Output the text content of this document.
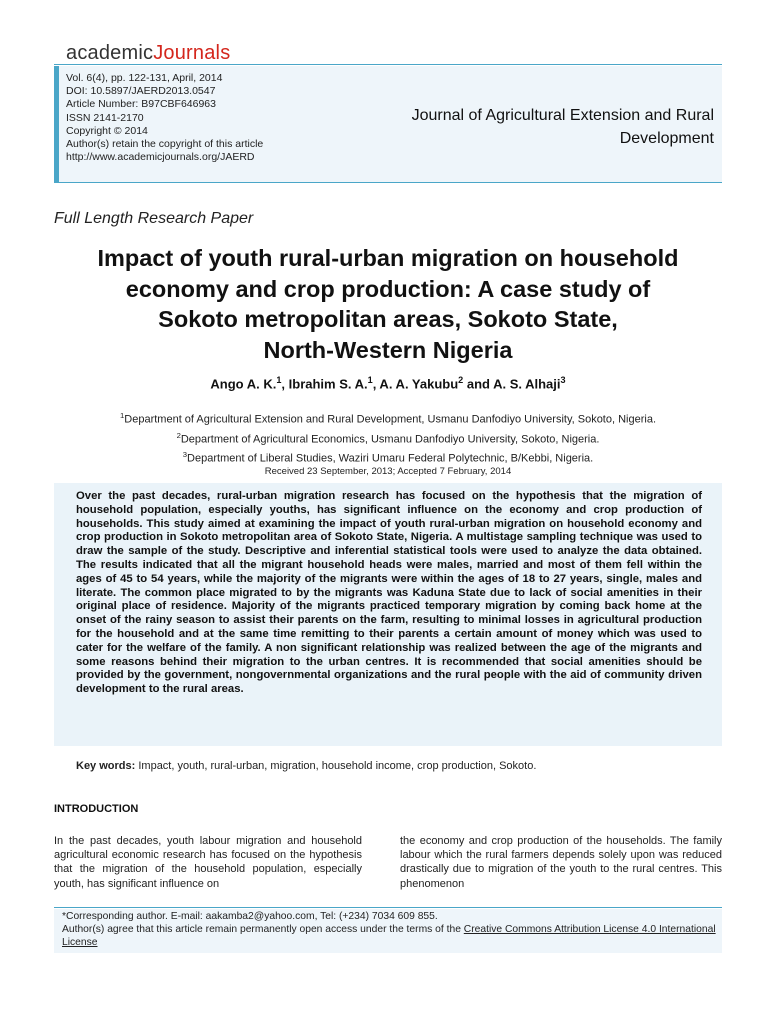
academicJournals
Vol. 6(4), pp. 122-131, April, 2014
DOI: 10.5897/JAERD2013.0547
Article Number: B97CBF646963
ISSN 2141-2170
Copyright © 2014
Author(s) retain the copyright of this article
http://www.academicjournals.org/JAERD
Journal of Agricultural Extension and Rural
Development
Full Length Research Paper
Impact of youth rural-urban migration on household
economy and crop production: A case study of
Sokoto metropolitan areas, Sokoto State,
North-Western Nigeria
Ango A. K.$^1$, Ibrahim S. A.$^1$, A. A. Yakubu$^2$ and A. S. Alhaji$^3$
$^1$Department of Agricultural Extension and Rural Development, Usmanu Danfodiyo University, Sokoto, Nigeria.
$^2$Department of Agricultural Economics, Usmanu Danfodiyo University, Sokoto, Nigeria.
$^3$Department of Liberal Studies, Waziri Umaru Federal Polytechnic, B/Kebbi, Nigeria.
Received 23 September, 2013; Accepted 7 February, 2014
Over the past decades, rural-urban migration research has focused on the hypothesis that the migration of household population, especially youths, has significant influence on the economy and crop production of households. This study aimed at examining the impact of youth rural-urban migration on household economy and crop production in Sokoto metropolitan area of Sokoto State, Nigeria. A multistage sampling technique was used to draw the sample of the study. Descriptive and inferential statistical tools were used to analyze the data obtained. The results indicated that all the migrant household heads were males, married and most of them fell within the ages of 45 to 54 years, while the majority of the migrants were within the ages of 18 to 27 years, single, males and literate. The common place migrated to by the migrants was Kaduna State due to lack of social amenities in their original place of residence. Majority of the migrants practiced temporary migration by coming back home at the onset of the rainy season to assist their parents on the farm, resulting to minimal losses in agricultural production for the household and at the same time remitting to their parents a certain amount of money which was used to cater for the welfare of the family. A non significant relationship was realized between the age of the migrants and some reasons behind their migration to the urban centres. It is recommended that social amenities should be provided by the government, nongovernmental organizations and the rural people with the aid of community driven development to the rural areas.
Key words: Impact, youth, rural-urban, migration, household income, crop production, Sokoto.
INTRODUCTION
In the past decades, youth labour migration and household agricultural economic research has focused on the hypothesis that the migration of the household population, especially youth, has significant influence on
the economy and crop production of the households. The family labour which the rural farmers depends solely upon was reduced drastically due to migration of the youth to the rural centres. This phenomenon
*Corresponding author. E-mail: aakamba2@yahoo.com, Tel: (+234) 7034 609 855.
Author(s) agree that this article remain permanently open access under the terms of the Creative Commons Attribution License 4.0 International License
